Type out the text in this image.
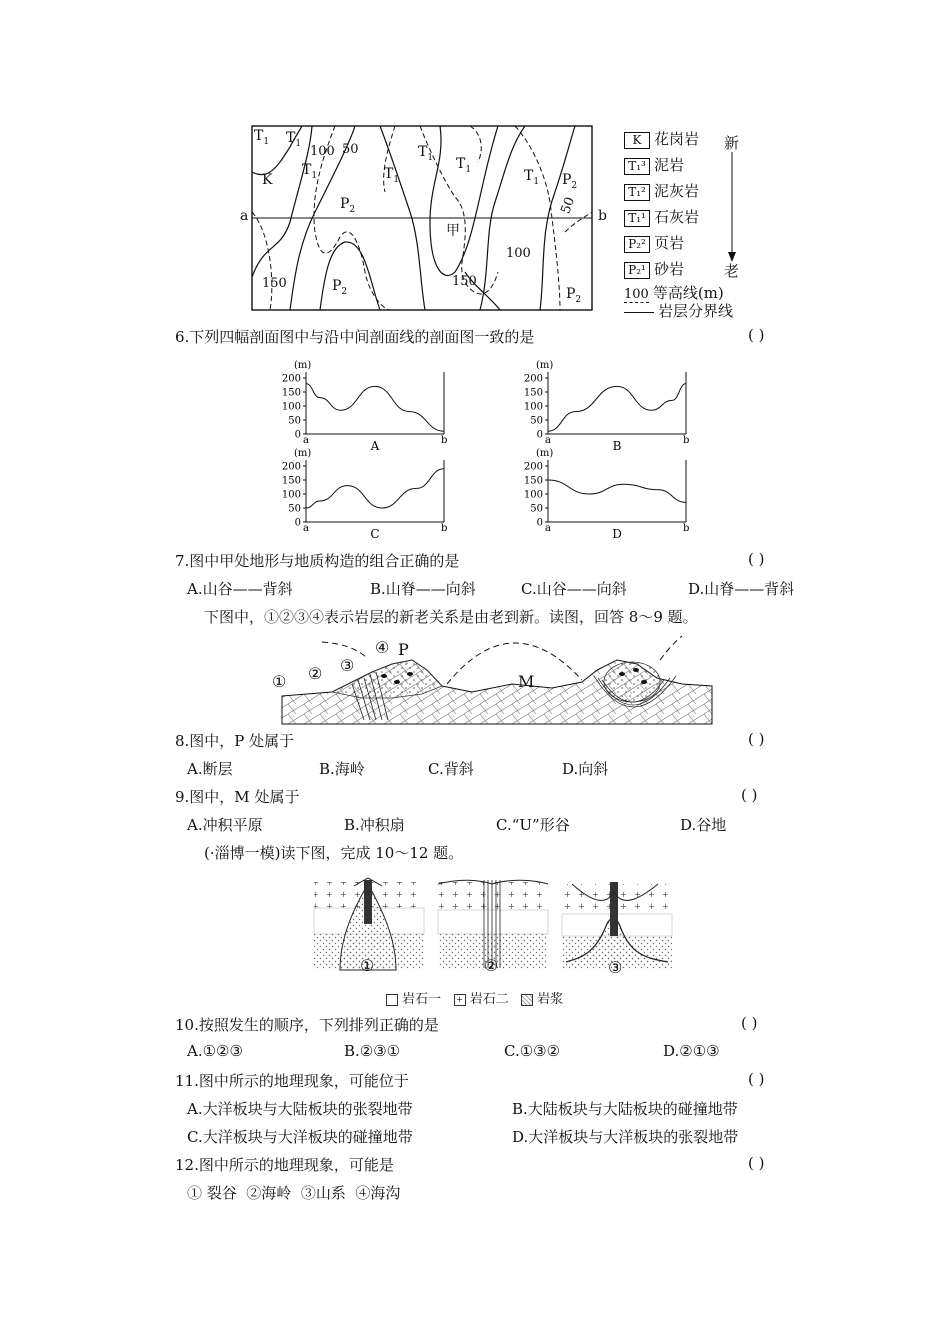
a	b
甲
K
$T_1$ $T_1$
$T_1$
$T_1$ $T_1$
$T_1$	$T_1$
$P_2$
$P_2$
$P_2$
$P_2$
100 50
50
100
150	150
K 花岗岩
T₁³ 泥岩
T₁² 泥灰岩
T₁¹ 石灰岩
P₂² 页岩
P₂¹ 砂岩
100 等高线(m)
岩层分界线
新
老
6.下列四幅剖面图中与沿中间剖面线的剖面图一致的是	( )
(m)
200
150
100
50
0 a	b
A
(m)
200
150
100
50
0 a	b
B
(m)
200
150
100
50
0 a	b
C
(m)
200
150
100
50
0 a	b
D
7.图中甲处地形与地质构造的组合正确的是	( )
A.山谷——背斜	B.山脊——向斜	C.山谷——向斜	D.山脊——背斜
下图中，①②③④表示岩层的新老关系是由老到新。读图，回答 8～9 题。
① ② ③
④ P
M
8.图中，P 处属于	( )
A.断层	B.海岭	C.背斜	D.向斜
9.图中，M 处属于	( )
A.冲积平原	B.冲积扇	C.“U”形谷	D.谷地
(·淄博一模)读下图，完成 10～12 题。
①	②	③
岩石一 + 岩石二 岩浆
10.按照发生的顺序，下列排列正确的是	( )
A.①②③	B.②③①	C.①③②	D.②①③
11.图中所示的地理现象，可能位于	( )
A.大洋板块与大陆板块的张裂地带	B.大陆板块与大陆板块的碰撞地带
C.大洋板块与大洋板块的碰撞地带	D.大洋板块与大洋板块的张裂地带
12.图中所示的地理现象，可能是	( )
① 裂谷  ②海岭  ③山系  ④海沟
